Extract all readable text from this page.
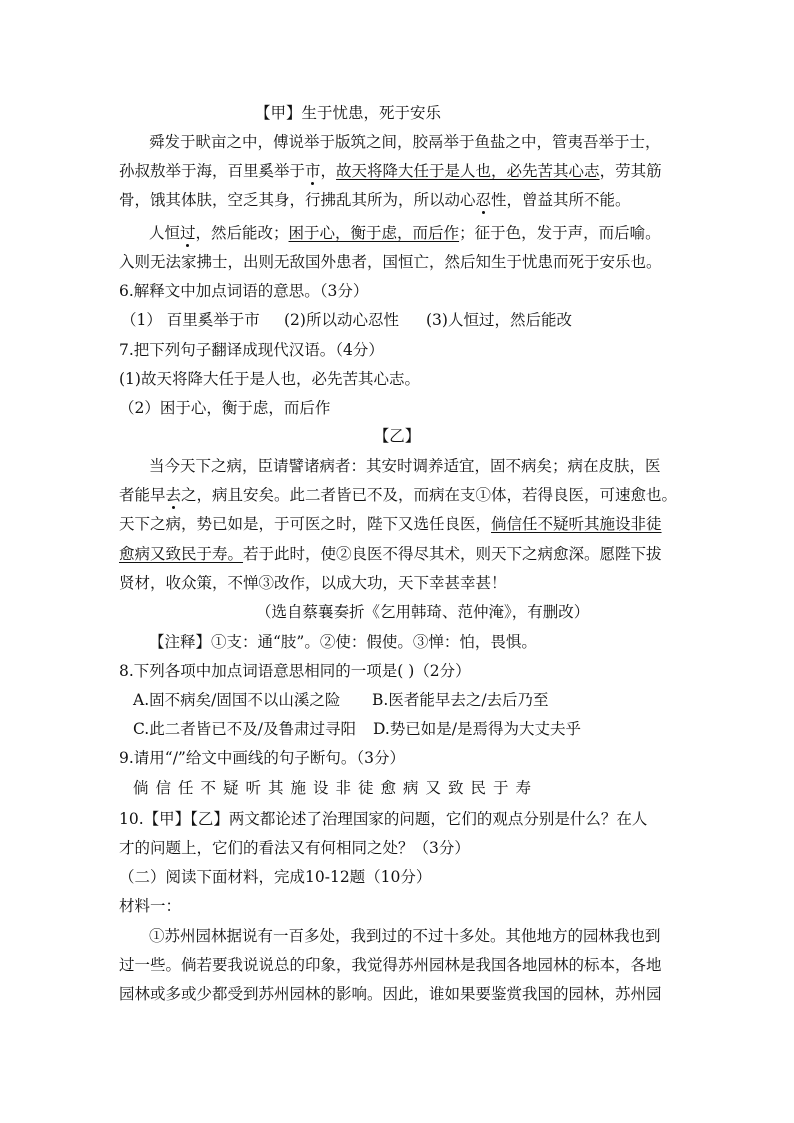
【甲】生于忧患，死于安乐
舜发于畎亩之中，傅说举于版筑之间，胶鬲举于鱼盐之中，管夷吾举于士，
孙叔敖举于海，百里奚举于市，故天将降大任于是人也，必先苦其心志，劳其筋
骨，饿其体肤，空乏其身，行拂乱其所为，所以动心忍性，曾益其所不能。
人恒过，然后能改；困于心，衡于虑，而后作；征于色，发于声，而后喻。
入则无法家拂士，出则无敌国外患者，国恒亡，然后知生于忧患而死于安乐也。
6.解释文中加点词语的意思。（3分）
（1） 百里奚举于市 (2)所以动心忍性 (3)人恒过，然后能改
7.把下列句子翻译成现代汉语。（4分）
(1)故天将降大任于是人也，必先苦其心志。
（2）困于心，衡于虑，而后作
【乙】
当今天下之病，臣请譬诸病者：其安时调养适宜，固不病矣；病在皮肤，医
者能早去之，病且安矣。此二者皆已不及，而病在支①体，若得良医，可速愈也。
天下之病，势已如是，于可医之时，陛下又选任良医，倘信任不疑听其施设非徒
愈病又致民于寿。若于此时，使②良医不得尽其术，则天下之病愈深。愿陛下拔
贤材，收众策，不惮③改作，以成大功，天下幸甚幸甚！
（选自蔡襄奏折《乞用韩琦、范仲淹》，有删改）
【注释】①支：通“肢”。②使：假使。③惮：怕，畏惧。
8.下列各项中加点词语意思相同的一项是( )（2分）
A.固不病矣/固国不以山溪之险 B.医者能早去之/去后乃至
C.此二者皆已不及/及鲁肃过寻阳 D.势已如是/是焉得为大丈夫乎
9.请用“/”给文中画线的句子断句。（3分）
倘信任不疑听其施设非徒愈病又致民于寿
10.【甲】【乙】两文都论述了治理国家的问题，它们的观点分别是什么？在人
才的问题上，它们的看法又有何相同之处？（3分）
（二）阅读下面材料，完成10-12题（10分）
材料一：
①苏州园林据说有一百多处，我到过的不过十多处。其他地方的园林我也到
过一些。倘若要我说说总的印象，我觉得苏州园林是我国各地园林的标本，各地
园林或多或少都受到苏州园林的影响。因此，谁如果要鉴赏我国的园林，苏州园
